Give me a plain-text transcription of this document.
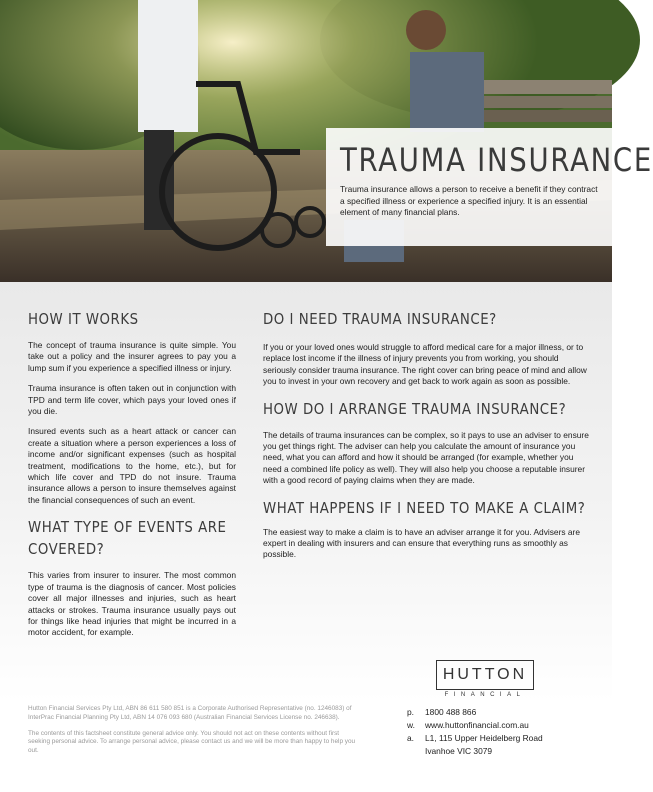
TRAUMA INSURANCE

Trauma insurance allows a person to receive a benefit if they contract a specified illness or experience a specified injury. It is an essential element of many financial plans.

HOW IT WORKS

The concept of trauma insurance is quite simple. You take out a policy and the insurer agrees to pay you a lump sum if you experience a specified illness or injury.

Trauma insurance is often taken out in conjunction with TPD and term life cover, which pays your loved ones if you die.

Insured events such as a heart attack or cancer can create a situation where a person experiences a loss of income and/or significant expenses (such as hospital treatment, modifications to the home, etc.), but for which life cover and TPD do not insure. Trauma insurance allows a person to insure themselves against the financial consequences of such an event.

WHAT TYPE OF EVENTS ARE COVERED?

This varies from insurer to insurer. The most common type of trauma is the diagnosis of cancer. Most policies cover all major illnesses and injuries, such as heart attacks or strokes. Trauma insurance usually pays out for things like head injuries that might be incurred in a motor accident, for example.

DO I NEED TRAUMA INSURANCE?

If you or your loved ones would struggle to afford medical care for a major illness, or to replace lost income if the illness of injury prevents you from working, you should seriously consider trauma insurance. The right cover can bring peace of mind and allow you to invest in your own recovery and get back to work again as soon as possible.

HOW DO I ARRANGE TRAUMA INSURANCE?

The details of trauma insurances can be complex, so it pays to use an adviser to ensure you get things right. The adviser can help you calculate the amount of insurance you need, what you can afford and how it should be arranged (for example, whether you need a combined life policy as well). They will also help you choose a reputable insurer with a good record of paying claims when they are made.

WHAT HAPPENS IF I NEED TO MAKE A CLAIM?

The easiest way to make a claim is to have an adviser arrange it for you. Advisers are expert in dealing with insurers and can ensure that everything runs as smoothly as possible.

Hutton Financial Services Pty Ltd, ABN 86 611 580 851 is a Corporate Authorised Representative (no. 1246083) of InterPrac Financial Planning Pty Ltd, ABN 14 076 093 680 (Australian Financial Services License no. 246638).

The contents of this factsheet constitute general advice only. You should not act on these contents without first seeking personal advice. To arrange personal advice, please contact us and we will be more than happy to help you out.

HUTTON
FINANCIAL
p.	1800 488 866
w.	www.huttonfinancial.com.au
a.	L1, 115 Upper Heidelberg Road
Ivanhoe VIC 3079
